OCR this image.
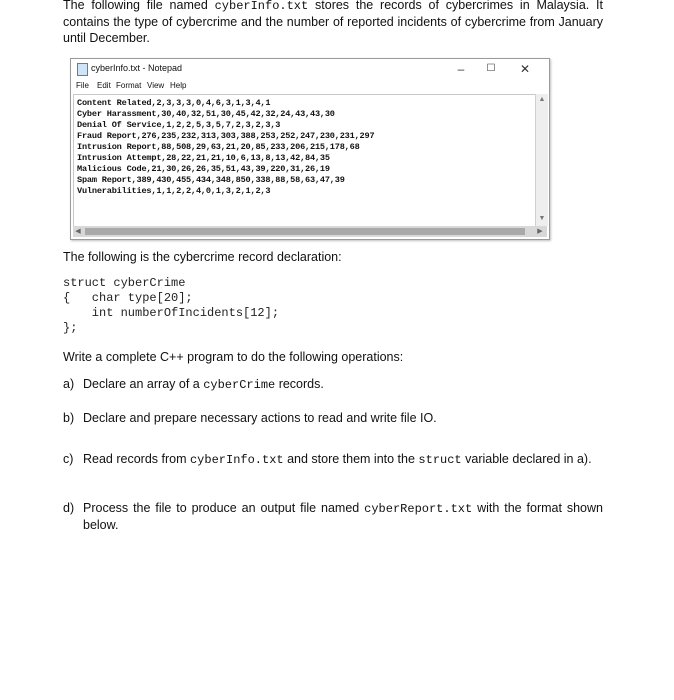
The following file named cyberInfo.txt stores the records of cybercrimes in Malaysia. It contains the type of cybercrime and the number of reported incidents of cybercrime from January until December.
cyberInfo.txt - Notepad	–	☐	✕
File Edit Format View Help
Content Related,2,3,3,3,0,4,6,3,1,3,4,1
Cyber Harassment,30,40,32,51,30,45,42,32,24,43,43,30
Denial Of Service,1,2,2,5,3,5,7,2,3,2,3,3
Fraud Report,276,235,232,313,303,388,253,252,247,230,231,297
Intrusion Report,88,508,29,63,21,20,85,233,206,215,178,68
Intrusion Attempt,28,22,21,21,10,6,13,8,13,42,84,35
Malicious Code,21,30,26,26,35,51,43,39,220,31,26,19
Spam Report,389,430,455,434,348,850,338,88,58,63,47,39
Vulnerabilities,1,1,2,2,4,0,1,3,2,1,2,3
▲
▼
◀	▶
The following is the cybercrime record declaration:
struct cyberCrime
{   char type[20];
int numberOfIncidents[12];
};
Write a complete C++ program to do the following operations:
a) Declare an array of a cyberCrime records.
b) Declare and prepare necessary actions to read and write file IO.
c) Read records from cyberInfo.txt and store them into the struct variable declared in a).
d) Process the file to produce an output file named cyberReport.txt with the format shown below.
